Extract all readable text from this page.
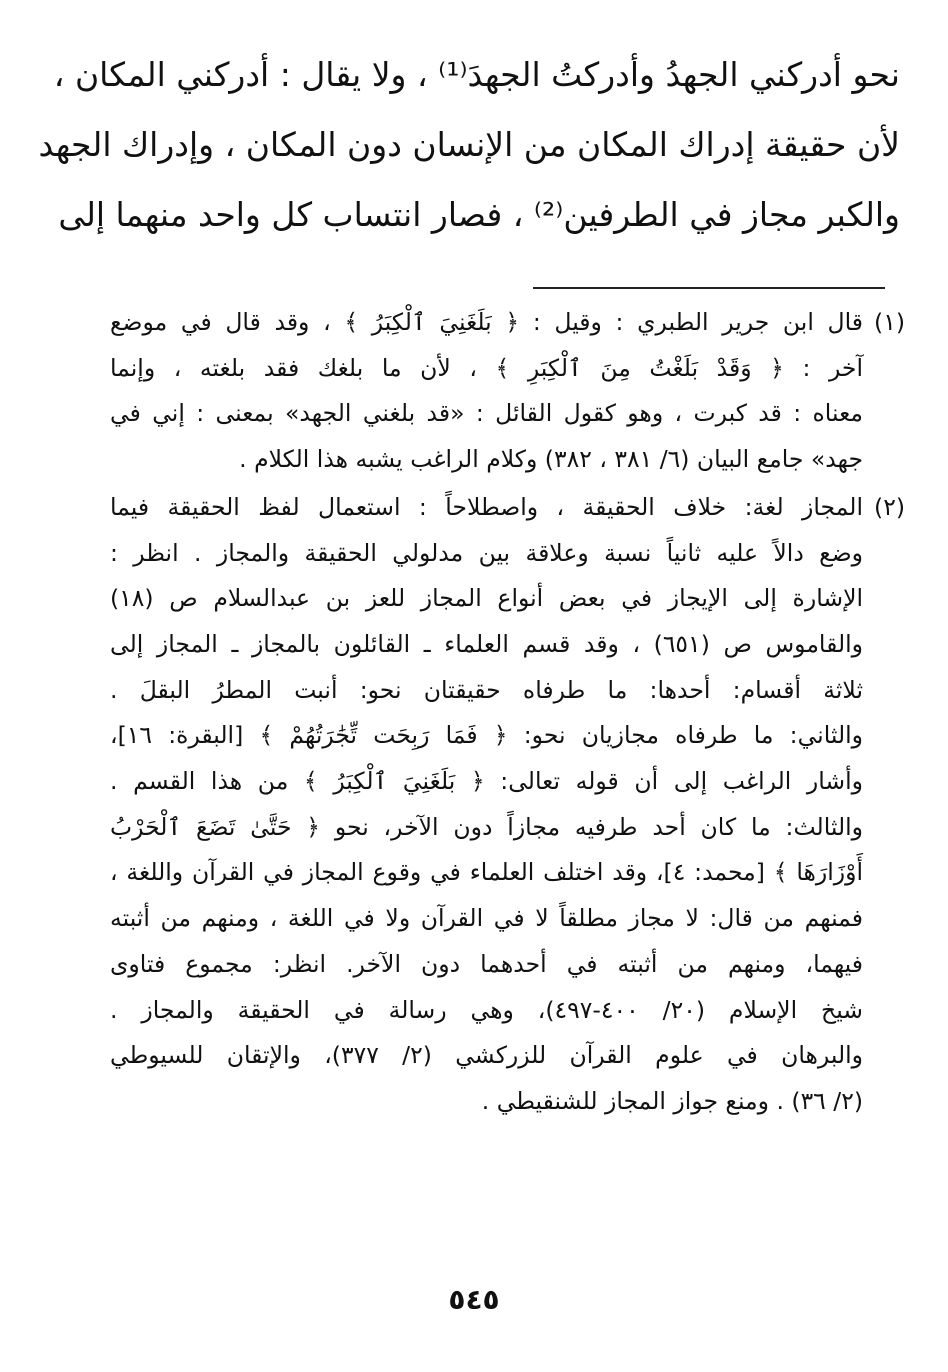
نحو أدركني الجهدُ وأدركتُ الجهدَ⁽¹⁾ ، ولا يقال : أدركني المكان ،
لأن حقيقة إدراك المكان من الإنسان دون المكان ، وإدراك الجهد
والكبر مجاز في الطرفين⁽²⁾ ، فصار انتساب كل واحد منهما إلى
(١)
قال ابن جرير الطبري : وقيل : ﴿ بَلَغَنِيَ ٱلْكِبَرُ ﴾ ، وقد قال في موضع
آخر : ﴿ وَقَدْ بَلَغْتُ مِنَ ٱلْكِبَرِ ﴾ ، لأن ما بلغك فقد بلغته ، وإنما
معناه : قد كبرت ، وهو كقول القائل : «قد بلغني الجهد» بمعنى : إني في
جهد» جامع البيان (٦/ ٣٨١ ، ٣٨٢) وكلام الراغب يشبه هذا الكلام .
(٢)
المجاز لغة: خلاف الحقيقة ، واصطلاحاً : استعمال لفظ الحقيقة فيما
وضع دالاً عليه ثانياً نسبة وعلاقة بين مدلولي الحقيقة والمجاز . انظر :
الإشارة إلى الإيجاز في بعض أنواع المجاز للعز بن عبدالسلام ص (١٨)
والقاموس ص (٦٥١) ، وقد قسم العلماء ـ القائلون بالمجاز ـ المجاز إلى
ثلاثة أقسام: أحدها: ما طرفاه حقيقتان نحو: أنبت المطرُ البقلَ .
والثاني: ما طرفاه مجازيان نحو: ﴿ فَمَا رَبِحَت تِّجَٰرَتُهُمْ ﴾ [البقرة: ١٦]،
وأشار الراغب إلى أن قوله تعالى: ﴿ بَلَغَنِيَ ٱلْكِبَرُ ﴾ من هذا القسم .
والثالث: ما كان أحد طرفيه مجازاً دون الآخر، نحو ﴿ حَتَّىٰ تَضَعَ ٱلْحَرْبُ
أَوْزَارَهَا ﴾ [محمد: ٤]، وقد اختلف العلماء في وقوع المجاز في القرآن واللغة ،
فمنهم من قال: لا مجاز مطلقاً لا في القرآن ولا في اللغة ، ومنهم من أثبته
فيهما، ومنهم من أثبته في أحدهما دون الآخر. انظر: مجموع فتاوى
شيخ الإسلام (٢٠/ ٤٠٠-٤٩٧)، وهي رسالة في الحقيقة والمجاز .
والبرهان في علوم القرآن للزركشي (٢/ ٣٧٧)، والإتقان للسيوطي
(٢/ ٣٦) . ومنع جواز المجاز للشنقيطي .
٥٤٥
